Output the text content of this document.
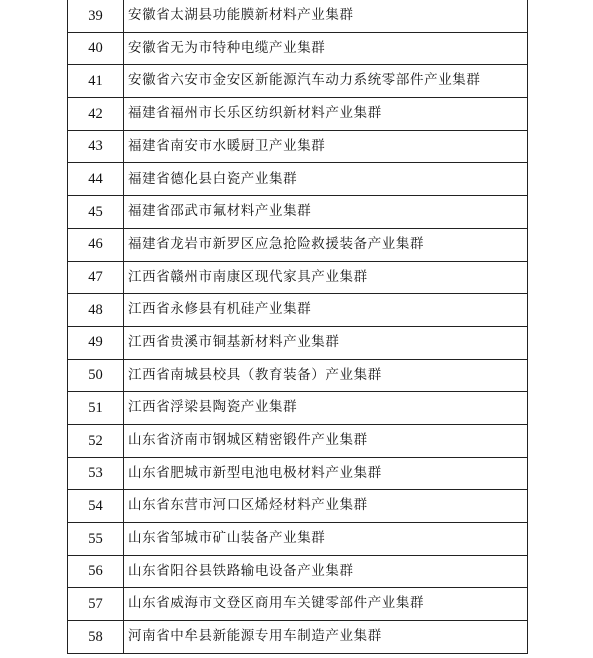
39	安徽省太湖县功能膜新材料产业集群
40	安徽省无为市特种电缆产业集群
41	安徽省六安市金安区新能源汽车动力系统零部件产业集群
42	福建省福州市长乐区纺织新材料产业集群
43	福建省南安市水暖厨卫产业集群
44	福建省德化县白瓷产业集群
45	福建省邵武市氟材料产业集群
46	福建省龙岩市新罗区应急抢险救援装备产业集群
47	江西省赣州市南康区现代家具产业集群
48	江西省永修县有机硅产业集群
49	江西省贵溪市铜基新材料产业集群
50	江西省南城县校具（教育装备）产业集群
51	江西省浮梁县陶瓷产业集群
52	山东省济南市钢城区精密锻件产业集群
53	山东省肥城市新型电池电极材料产业集群
54	山东省东营市河口区烯烃材料产业集群
55	山东省邹城市矿山装备产业集群
56	山东省阳谷县铁路输电设备产业集群
57	山东省威海市文登区商用车关键零部件产业集群
58	河南省中牟县新能源专用车制造产业集群
